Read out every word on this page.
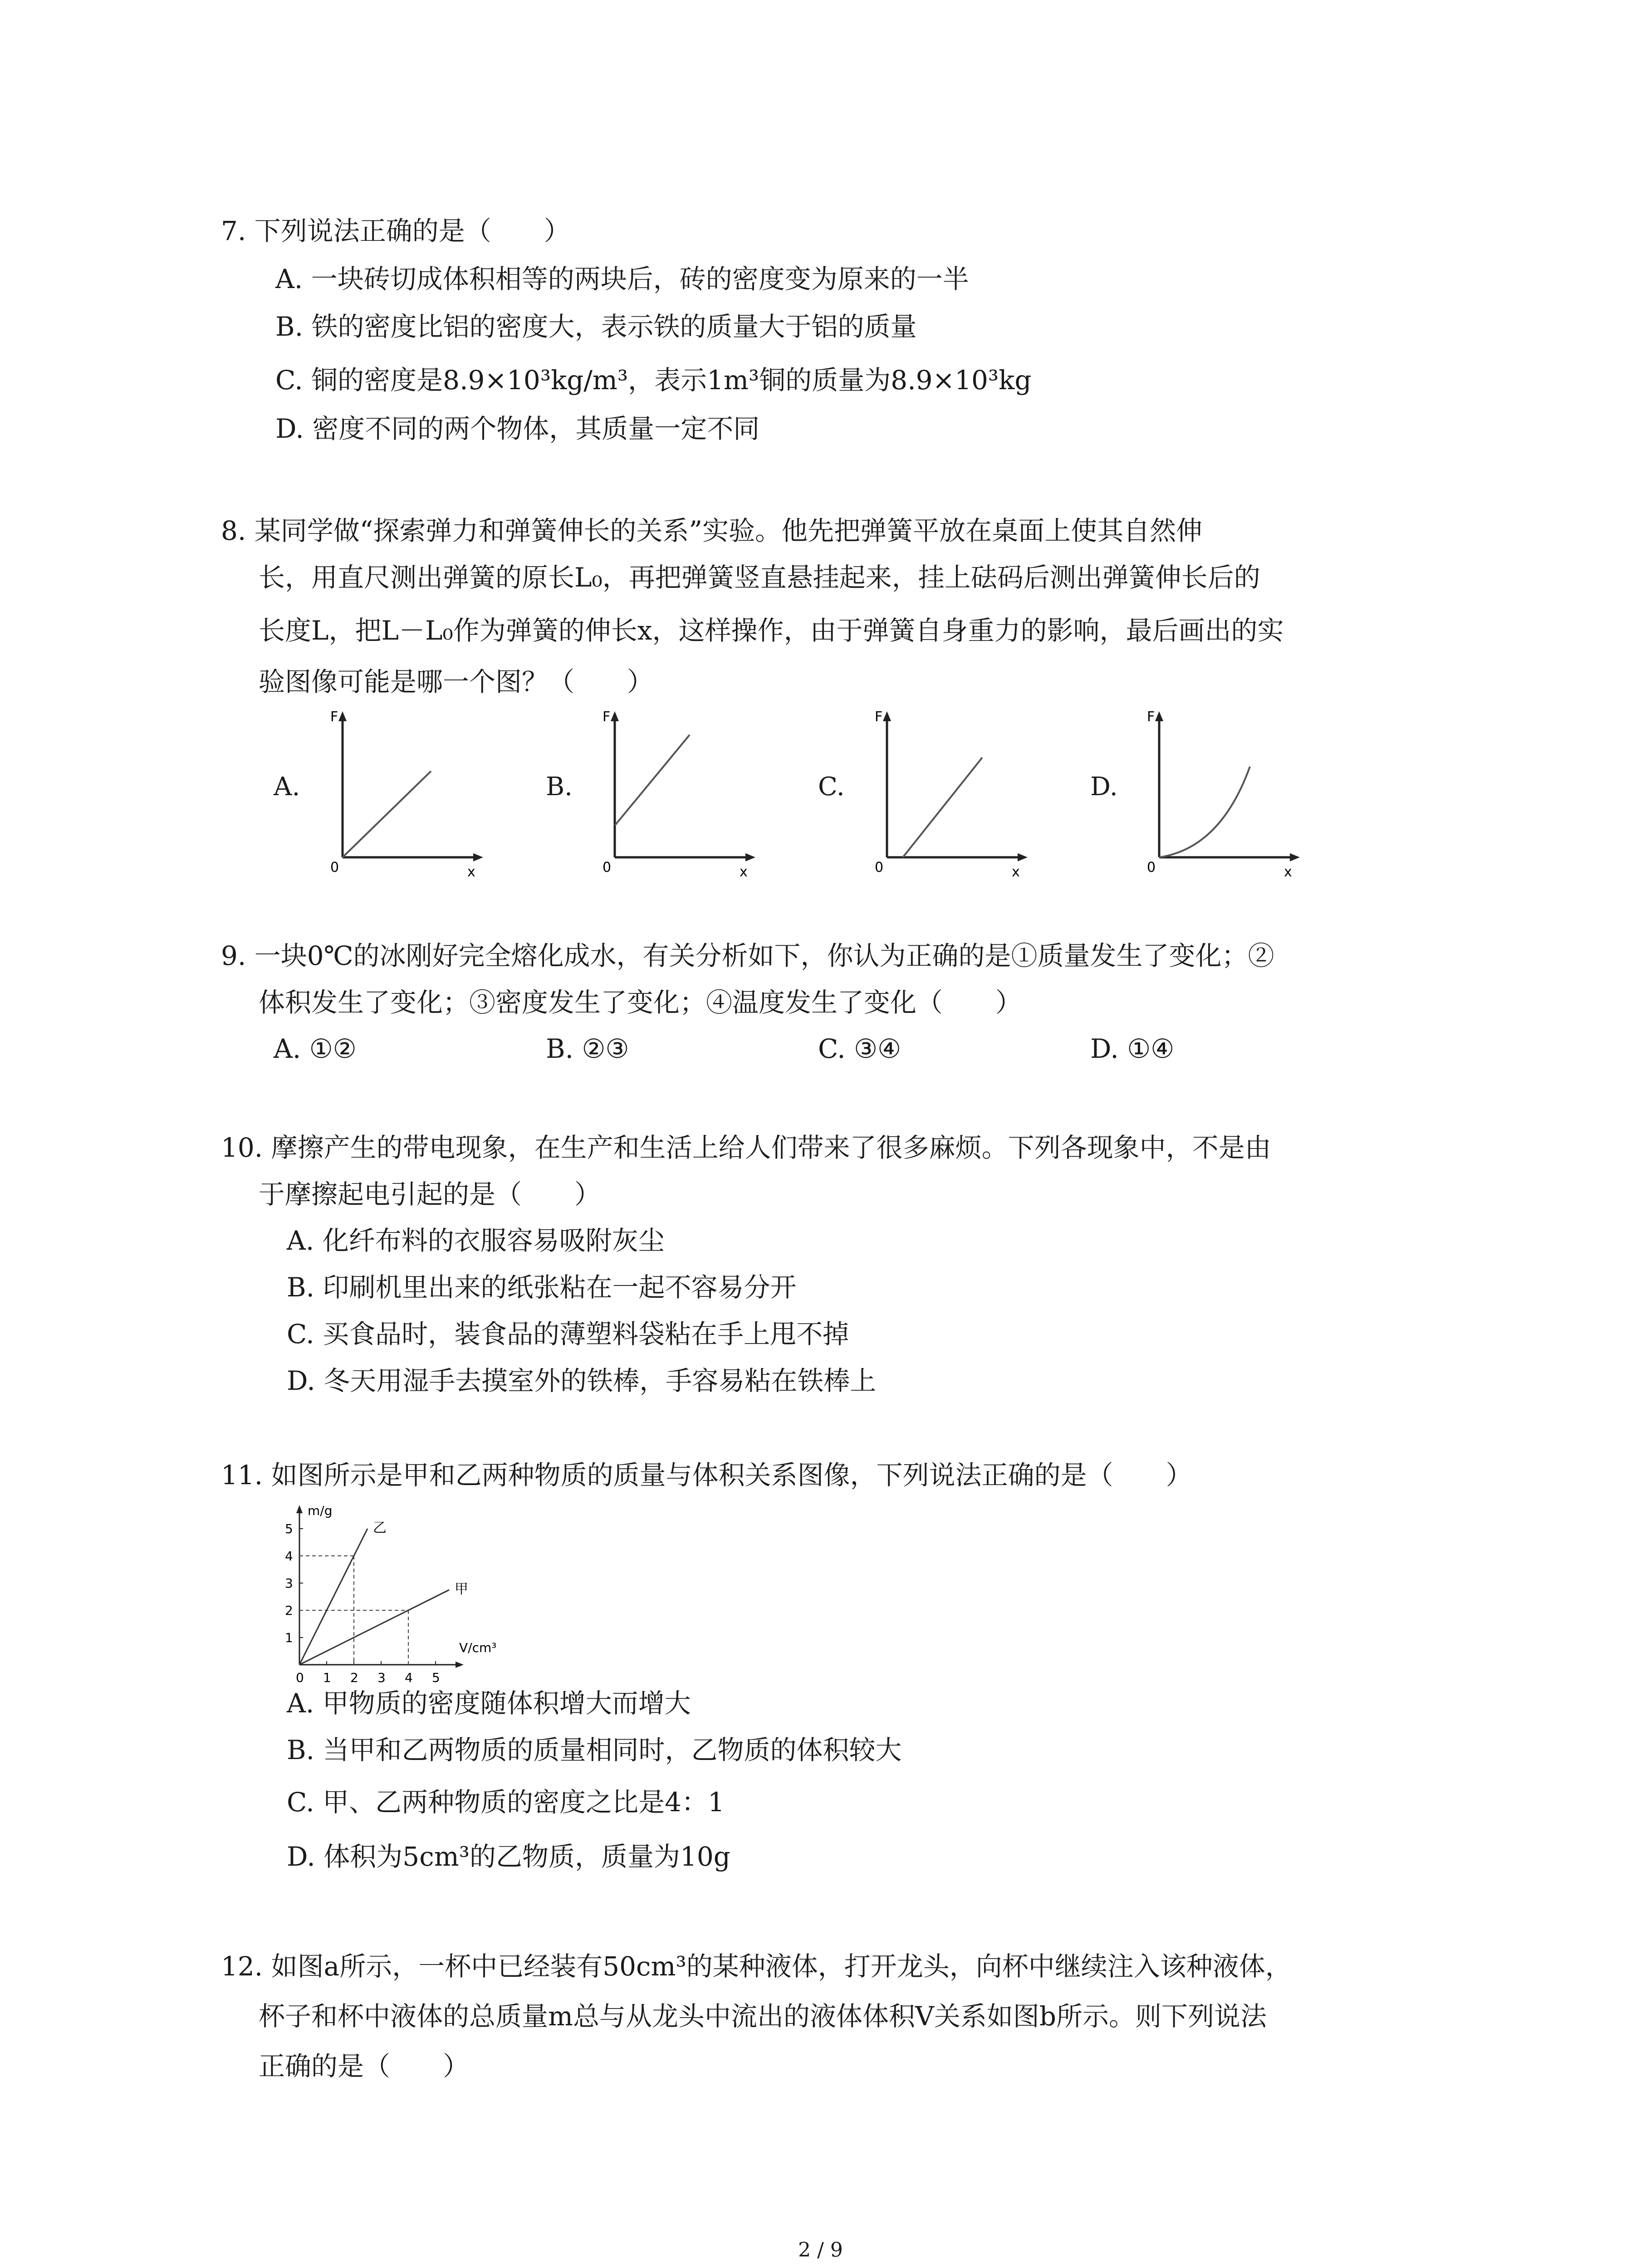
7. 下列说法正确的是（　　）
A. 一块砖切成体积相等的两块后，砖的密度变为原来的一半
B. 铁的密度比铝的密度大，表示铁的质量大于铝的质量
C. 铜的密度是8.9×10³kg/m³，表示1m³铜的质量为8.9×10³kg
D. 密度不同的两个物体，其质量一定不同
8. 某同学做“探索弹力和弹簧伸长的关系”实验。他先把弹簧平放在桌面上使其自然伸
长，用直尺测出弹簧的原长L₀，再把弹簧竖直悬挂起来，挂上砝码后测出弹簧伸长后的
长度L，把L－L₀作为弹簧的伸长x，这样操作，由于弹簧自身重力的影响，最后画出的实
验图像可能是哪一个图？（　　）
A.	B.	C.	D.
F
x
0
F
x
0
F
x
0
F
x
0
9. 一块0℃的冰刚好完全熔化成水，有关分析如下，你认为正确的是①质量发生了变化；②
体积发生了变化；③密度发生了变化；④温度发生了变化（　　）
A. ①②	B. ②③	C. ③④	D. ①④
10. 摩擦产生的带电现象，在生产和生活上给人们带来了很多麻烦。下列各现象中，不是由
于摩擦起电引起的是（　　）
A. 化纤布料的衣服容易吸附灰尘
B. 印刷机里出来的纸张粘在一起不容易分开
C. 买食品时，装食品的薄塑料袋粘在手上甩不掉
D. 冬天用湿手去摸室外的铁棒，手容易粘在铁棒上
11. 如图所示是甲和乙两种物质的质量与体积关系图像，下列说法正确的是（　　）
m/g
V/cm³
0 1 2 3 4 5
1
2
3
4
5	乙
甲
A. 甲物质的密度随体积增大而增大
B. 当甲和乙两物质的质量相同时，乙物质的体积较大
C. 甲、乙两种物质的密度之比是4：1
D. 体积为5cm³的乙物质，质量为10g
12. 如图a所示，一杯中已经装有50cm³的某种液体，打开龙头，向杯中继续注入该种液体，
杯子和杯中液体的总质量m总与从龙头中流出的液体体积V关系如图b所示。则下列说法
正确的是（　　）
2 / 9
